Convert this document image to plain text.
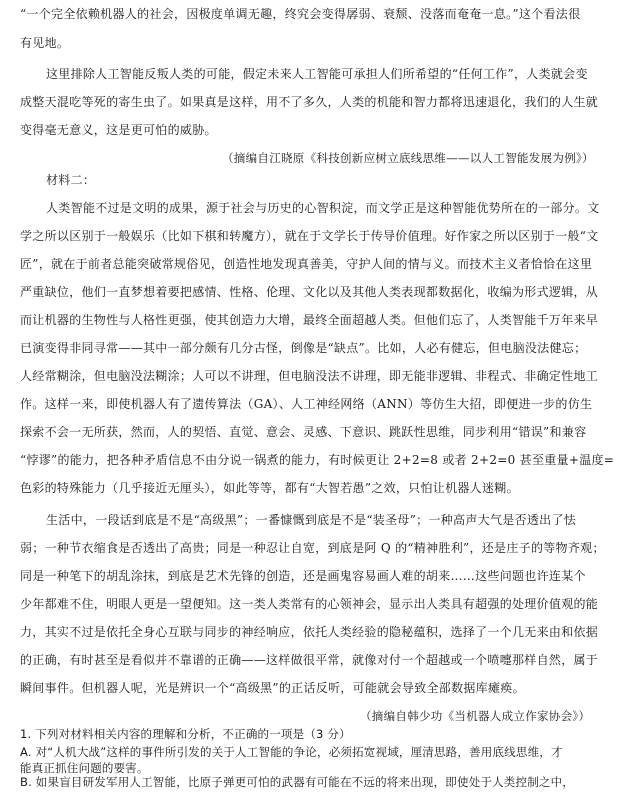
“一个完全依赖机器人的社会，因极度单调无趣，终究会变得孱弱、衰颓、没落而奄奄一息。”这个看法很
有见地。
这里排除人工智能反叛人类的可能，假定未来人工智能可承担人们所希望的“任何工作”，人类就会变
成整天混吃等死的寄生虫了。如果真是这样，用不了多久，人类的机能和智力都将迅速退化，我们的人生就
变得毫无意义，这是更可怕的威胁。
（摘编自江晓原《科技创新应树立底线思维——以人工智能发展为例》）
材料二：
人类智能不过是文明的成果，源于社会与历史的心智积淀，而文学正是这种智能优势所在的一部分。文
学之所以区别于一般娱乐（比如下棋和转魔方），就在于文学长于传导价值理。好作家之所以区别于一般“文
匠”，就在于前者总能突破常规俗见，创造性地发现真善美，守护人间的情与义。而技术主义者恰恰在这里
严重缺位，他们一直梦想着要把感情、性格、伦理、文化以及其他人类表现都数据化，收编为形式逻辑，从
而让机器的生物性与人格性更强，使其创造力大增，最终全面超越人类。但他们忘了，人类智能千万年来早
已演变得非同寻常——其中一部分颇有几分古怪，倒像是“缺点”。比如，人必有健忘，但电脑没法健忘；
人经常糊涂，但电脑没法糊涂；人可以不讲理，但电脑没法不讲理，即无能非逻辑、非程式、非确定性地工
作。这样一来，即使机器人有了遗传算法（GA）、人工神经网络（ANN）等仿生大招，即便进一步的仿生
探索不会一无所获，然而，人的契悟、直觉、意会、灵感、下意识、跳跃性思维，同步利用“错误”和兼容
“悖谬”的能力，把各种矛盾信息不由分说一锅煮的能力，有时候更让 2+2=8 或者 2+2=0 甚至重量+温度=
色彩的特殊能力（几乎接近无厘头），如此等等，都有“大智若愚”之效，只怕让机器人迷糊。
生活中，一段话到底是不是“高级黑”；一番慷慨到底是不是“装圣母”；一种高声大气是否透出了怯
弱；一种节衣缩食是否透出了高贵；同是一种忍让自宽，到底是阿 Q 的“精神胜利”，还是庄子的等物齐观；
同是一种笔下的胡乱涂抹，到底是艺术先锋的创造，还是画鬼容易画人难的胡来……这些问题也许连某个
少年都难不住，明眼人更是一望便知。这一类人类常有的心领神会，显示出人类具有超强的处理价值观的能
力，其实不过是依托全身心互联与同步的神经响应，依托人类经验的隐秘蕴积，选择了一个几无来由和依据
的正确，有时甚至是看似并不靠谱的正确——这样做很平常，就像对付一个超越或一个喷嚏那样自然，属于
瞬间事件。但机器人呢，光是辨识一个“高级黑”的正话反听，可能就会导致全部数据库瘫痪。
（摘编自韩少功《当机器人成立作家协会》）
1. 下列对材料相关内容的理解和分析，不正确的一项是（3 分）
A. 对“人机大战”这样的事件所引发的关于人工智能的争论，必须拓宽视域，厘清思路，善用底线思维，才
能真正抓住问题的要害。
B. 如果盲目研发军用人工智能，比原子弹更可怕的武器有可能在不远的将来出现，即使处于人类控制之中，
